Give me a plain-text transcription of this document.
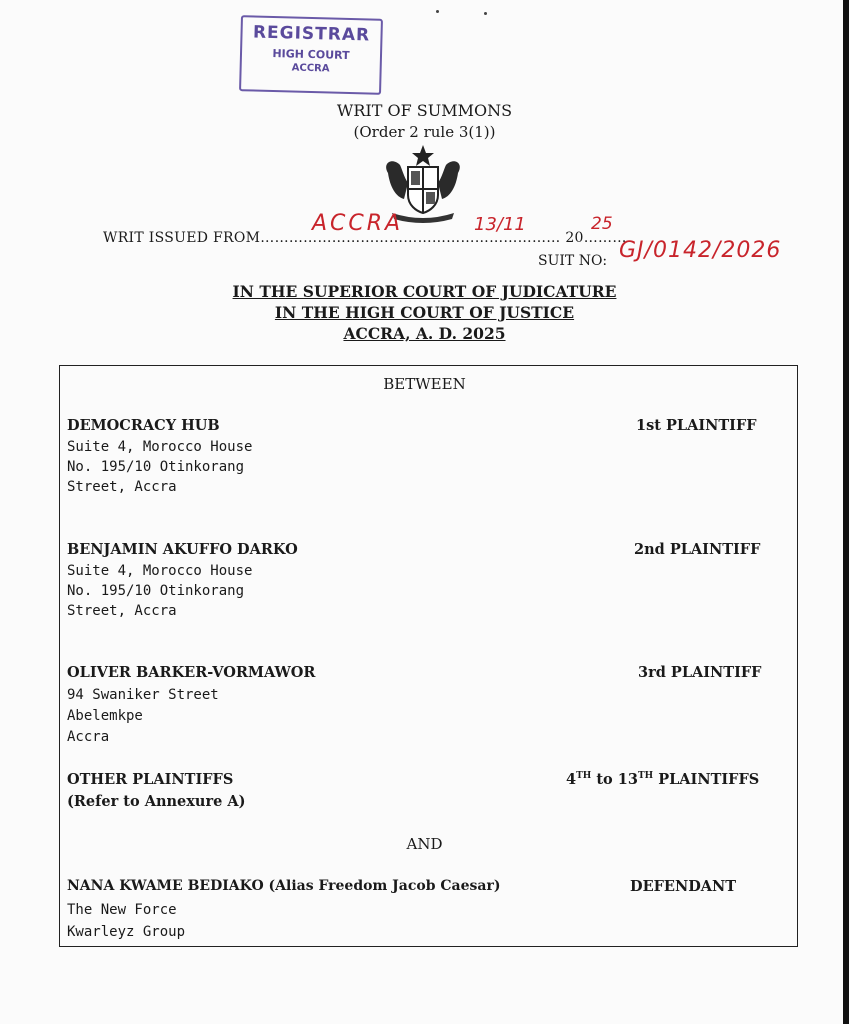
REGISTRAR
HIGH COURT
ACCRA
WRIT OF SUMMONS
(Order 2 rule 3(1))
WRIT ISSUED FROM……………………………………………………… 20………
ACCRA	13/11	25
SUIT NO: GJ/0142/2026
IN THE SUPERIOR COURT OF JUDICATURE
IN THE HIGH COURT OF JUSTICE
ACCRA, A. D. 2025
BETWEEN
DEMOCRACY HUB	1st PLAINTIFF
Suite 4, Morocco House
No. 195/10 Otinkorang
Street, Accra
BENJAMIN AKUFFO DARKO	2nd PLAINTIFF
Suite 4, Morocco House
No. 195/10 Otinkorang
Street, Accra
OLIVER BARKER-VORMAWOR	3rd PLAINTIFF
94 Swaniker Street
Abelemkpe
Accra
OTHER PLAINTIFFS
(Refer to Annexure A)
4TH to 13TH PLAINTIFFS
AND
NANA KWAME BEDIAKO (Alias Freedom Jacob Caesar)	DEFENDANT
The New Force
Kwarleyz Group
